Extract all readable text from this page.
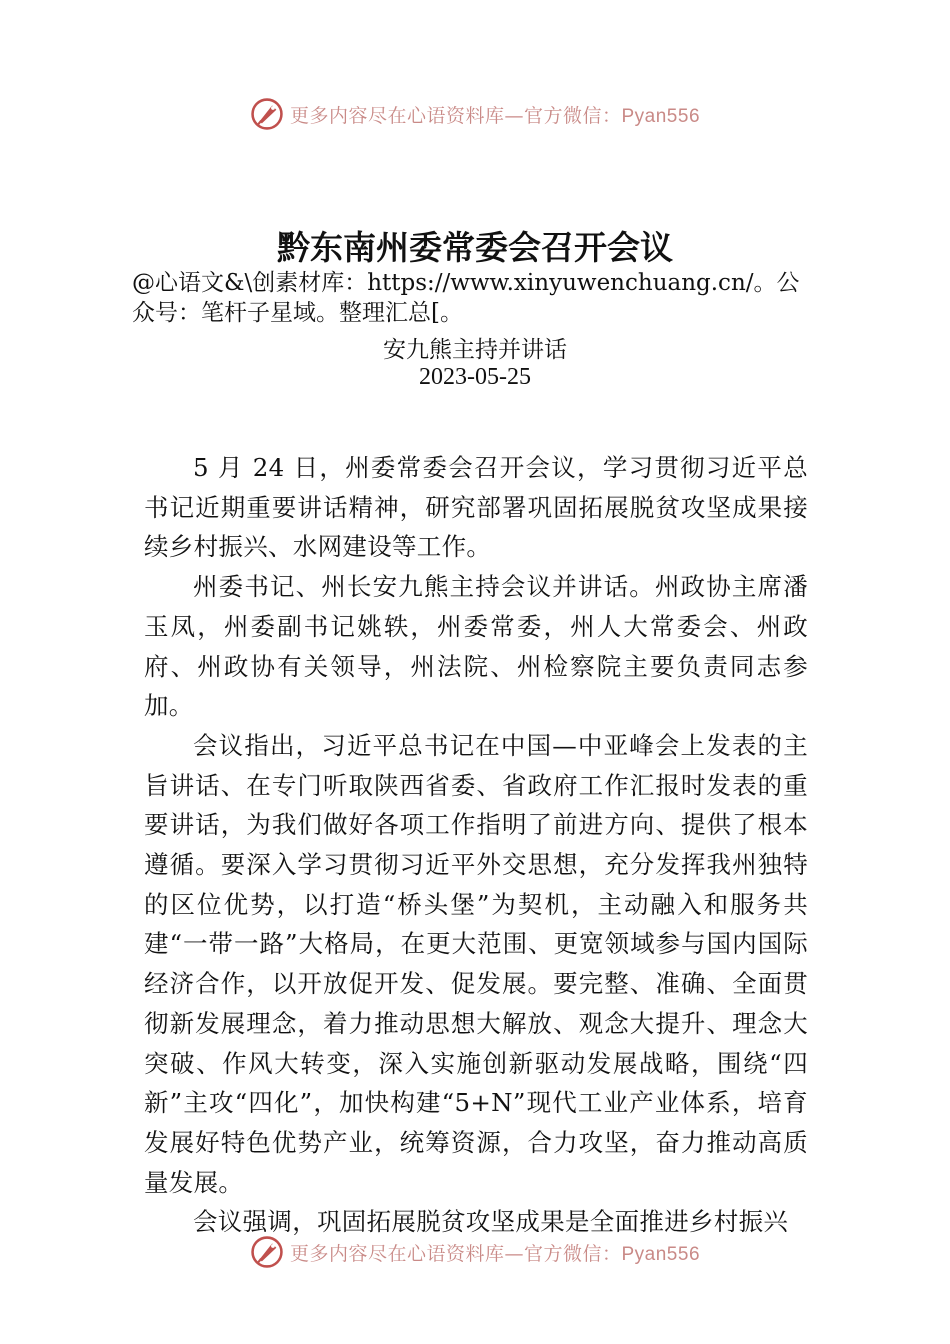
更多内容尽在心语资料库—官方微信：Pyan556
黔东南州委常委会召开会议

@心语文&\创素材库：https://www.xinyuwenchuang.cn/。公众号：笔杆子星域。整理汇总[。

安九熊主持并讲话

2023-05-25

5 月 24 日，州委常委会召开会议，学习贯彻习近平总书记近期重要讲话精神，研究部署巩固拓展脱贫攻坚成果接续乡村振兴、水网建设等工作。

州委书记、州长安九熊主持会议并讲话。州政协主席潘玉凤，州委副书记姚轶，州委常委，州人大常委会、州政府、州政协有关领导，州法院、州检察院主要负责同志参加。

会议指出，习近平总书记在中国—中亚峰会上发表的主旨讲话、在专门听取陕西省委、省政府工作汇报时发表的重要讲话，为我们做好各项工作指明了前进方向、提供了根本遵循。要深入学习贯彻习近平外交思想，充分发挥我州独特的区位优势，以打造“桥头堡”为契机，主动融入和服务共建“一带一路”大格局，在更大范围、更宽领域参与国内国际经济合作，以开放促开发、促发展。要完整、准确、全面贯彻新发展理念，着力推动思想大解放、观念大提升、理念大突破、作风大转变，深入实施创新驱动发展战略，围绕“四新”主攻“四化”，加快构建“5+N”现代工业产业体系，培育发展好特色优势产业，统筹资源，合力攻坚，奋力推动高质量发展。

会议强调，巩固拓展脱贫攻坚成果是全面推进乡村振兴

更多内容尽在心语资料库—官方微信：Pyan556
